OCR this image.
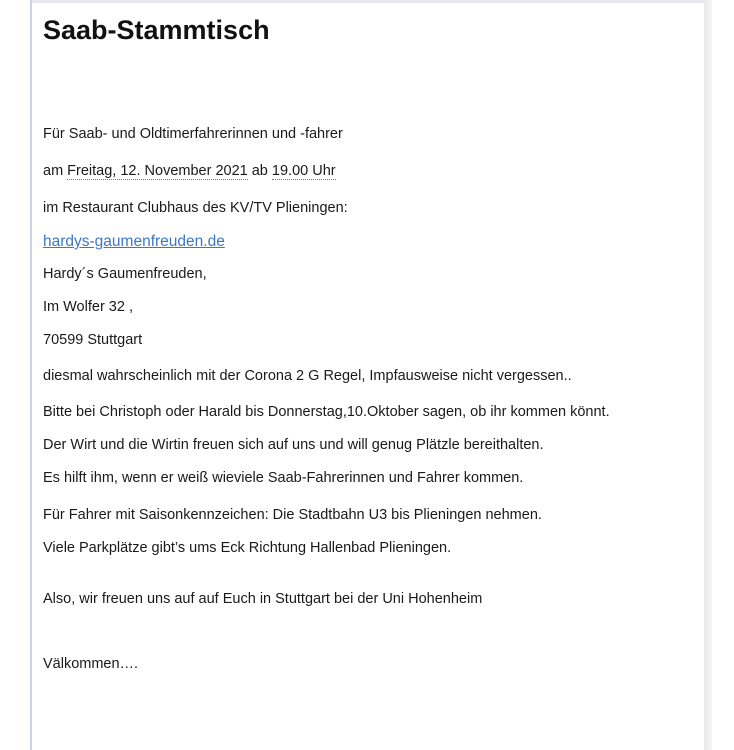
Saab-Stammtisch

Für Saab- und Oldtimerfahrerinnen und -fahrer

am Freitag, 12. November 2021 ab 19.00 Uhr

im Restaurant Clubhaus des KV/TV Plieningen:

hardys-gaumenfreuden.de

Hardy´s Gaumenfreuden,

Im Wolfer 32 ,

70599 Stuttgart

diesmal wahrscheinlich mit der Corona 2 G Regel, Impfausweise nicht vergessen..

Bitte bei Christoph oder Harald bis Donnerstag,10.Oktober sagen, ob ihr kommen könnt.

Der Wirt und die Wirtin freuen sich auf uns und will genug Plätzle bereithalten.

Es hilft ihm, wenn er weiß wieviele Saab-Fahrerinnen und Fahrer kommen.

Für Fahrer mit Saisonkennzeichen: Die Stadtbahn U3 bis Plieningen nehmen.

Viele Parkplätze gibt’s ums Eck Richtung Hallenbad Plieningen.

Also, wir freuen uns auf auf Euch in Stuttgart bei der Uni Hohenheim

Välkommen….
